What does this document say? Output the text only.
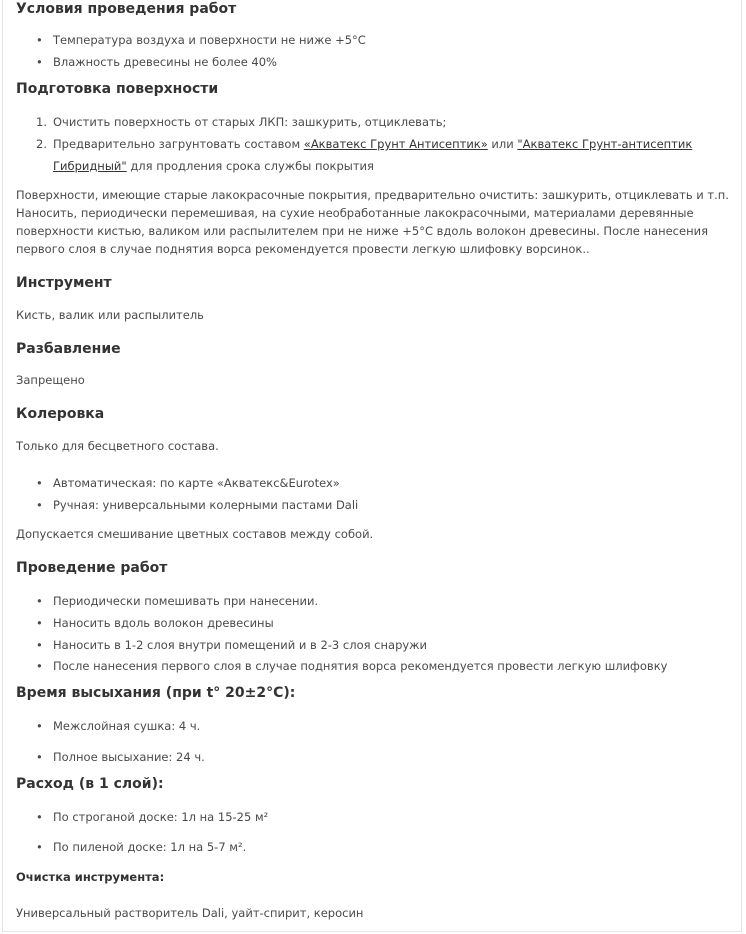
Условия проведения работ
• Температура воздуха и поверхности не ниже +5°С
• Влажность древесины не более 40%
Подготовка поверхности
1. Очистить поверхность от старых ЛКП: зашкурить, отциклевать;
2. Предварительно загрунтовать составом «Акватекс Грунт Антисептик» или "Акватекс Грунт-антисептик Гибридный" для продления срока службы покрытия

Поверхности, имеющие старые лакокрасочные покрытия, предварительно очистить: зашкурить, отциклевать и т.п. Наносить, периодически перемешивая, на сухие необработанные лакокрасочными, материалами деревянные поверхности кистью, валиком или распылителем при не ниже +5°С вдоль волокон древесины. После нанесения первого слоя в случае поднятия ворса рекомендуется провести легкую шлифовку ворсинок..

Инструмент

Кисть, валик или распылитель

Разбавление

Запрещено

Колеровка

Только для бесцветного состава.

• Автоматическая: по карте «Акватекс&Eurotex»
• Ручная: универсальными колерными пастами Dali

Допускается смешивание цветных составов между собой.

Проведение работ
• Периодически помешивать при нанесении.
• Наносить вдоль волокон древесины
• Наносить в 1-2 слоя внутри помещений и в 2-3 слоя снаружи
• После нанесения первого слоя в случае поднятия ворса рекомендуется провести легкую шлифовку
Время высыхания (при t° 20±2°С):
• Межслойная сушка: 4 ч.
• Полное высыхание: 24 ч.
Расход (в 1 слой):
• По строганой доске: 1л на 15-25 м²
• По пиленой доске: 1л на 5-7 м².
Очистка инструмента:

Универсальный растворитель Dali, уайт-спирит, керосин
